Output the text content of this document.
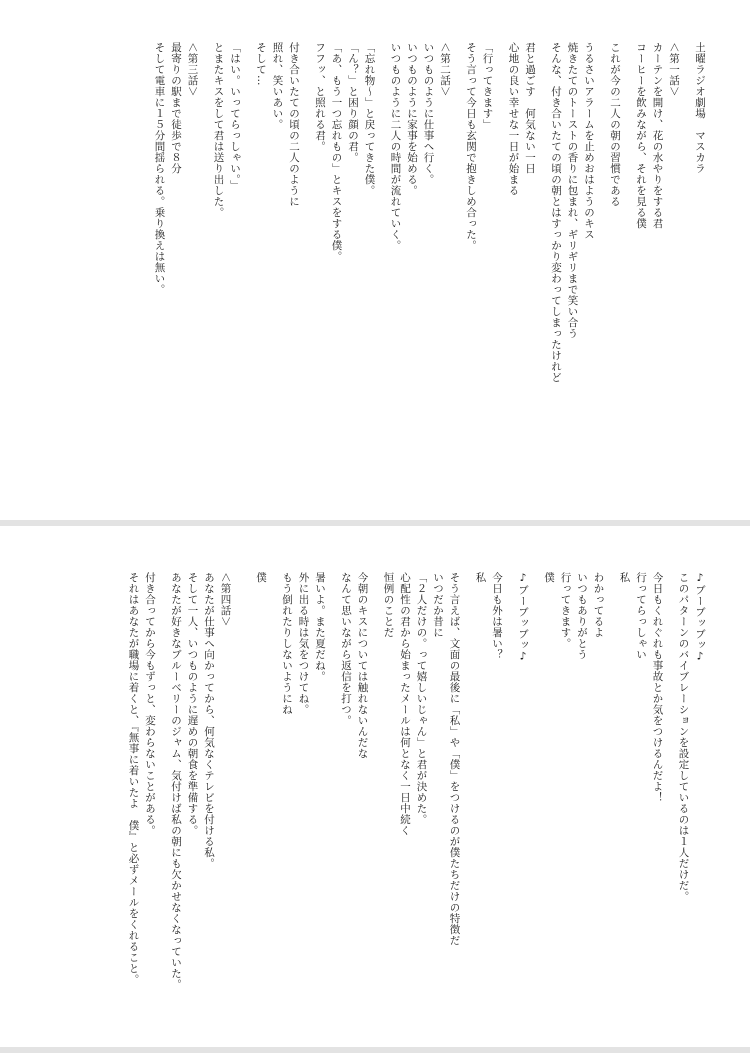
土曜ラジオ劇場　マスカラ
＜第一話＞
カーテンを開け、花の水やりをする君
コーヒーを飲みながら、それを見る僕
これが今の二人の朝の習慣である
うるさいアラームを止めおはようのキス
焼きたてのトーストの香りに包まれ、ギリギリまで笑い合う
そんな、付き合いたての頃の朝とはすっかり変わってしまったけれど
君と過ごす　何気ない一日
心地の良い幸せな一日が始まる
「行ってきます」
そう言って今日も玄関で抱きしめ合った。
＜第二話＞
いつものように仕事へ行く。
いつものように家事を始める。
いつものように二人の時間が流れていく。
「忘れ物〜」と戻ってきた僕。
「ん？」と困り顔の君。
「あ、もう一つ忘れもの」とキスをする僕。
フフッ、と照れる君。
付き合いたての頃の二人のように
照れ、笑いあい。
そして…
「はい。いってらっしゃい。」
とまたキスをして君は送り出した。
＜第三話＞
最寄りの駅まで徒歩で８分
そして電車に１５分間揺られる。乗り換えは無い。
♪ブーブッブッ♪
このパターンのバイブレーションを設定しているのは１人だけだ。
今日もくれぐれも事故とか気をつけるんだよ！
行ってらっしゃい
私
わかってるよ
いつもありがとう
行ってきます。
僕
♪ブーブッブッ♪
今日も外は暑い？
私
そう言えば、文面の最後に「私」や「僕」をつけるのが僕たちだけの特徴だ
いつだか昔に
「２人だけの。って嬉しいじゃん」と君が決めた。
心配性の君から始まったメールは何となく一日中続く
恒例のことだ
今朝のキスについては触れないんだな
なんて思いながら返信を打つ。
暑いよ。また夏だね。
外に出る時は気をつけてね。
もう倒れたりしないようにね
僕
＜第四話＞
あなたが仕事へ向かってから、何気なくテレビを付ける私。
そして一人、いつものように遅めの朝食を準備する。
あなたが好きなブルーベリーのジャム、気付けば私の朝にも欠かせなくなっていた。
付き合ってから今もずっと、変わらないことがある。
それはあなたが職場に着くと、『無事に着いたよ　僕』と必ずメールをくれること。
